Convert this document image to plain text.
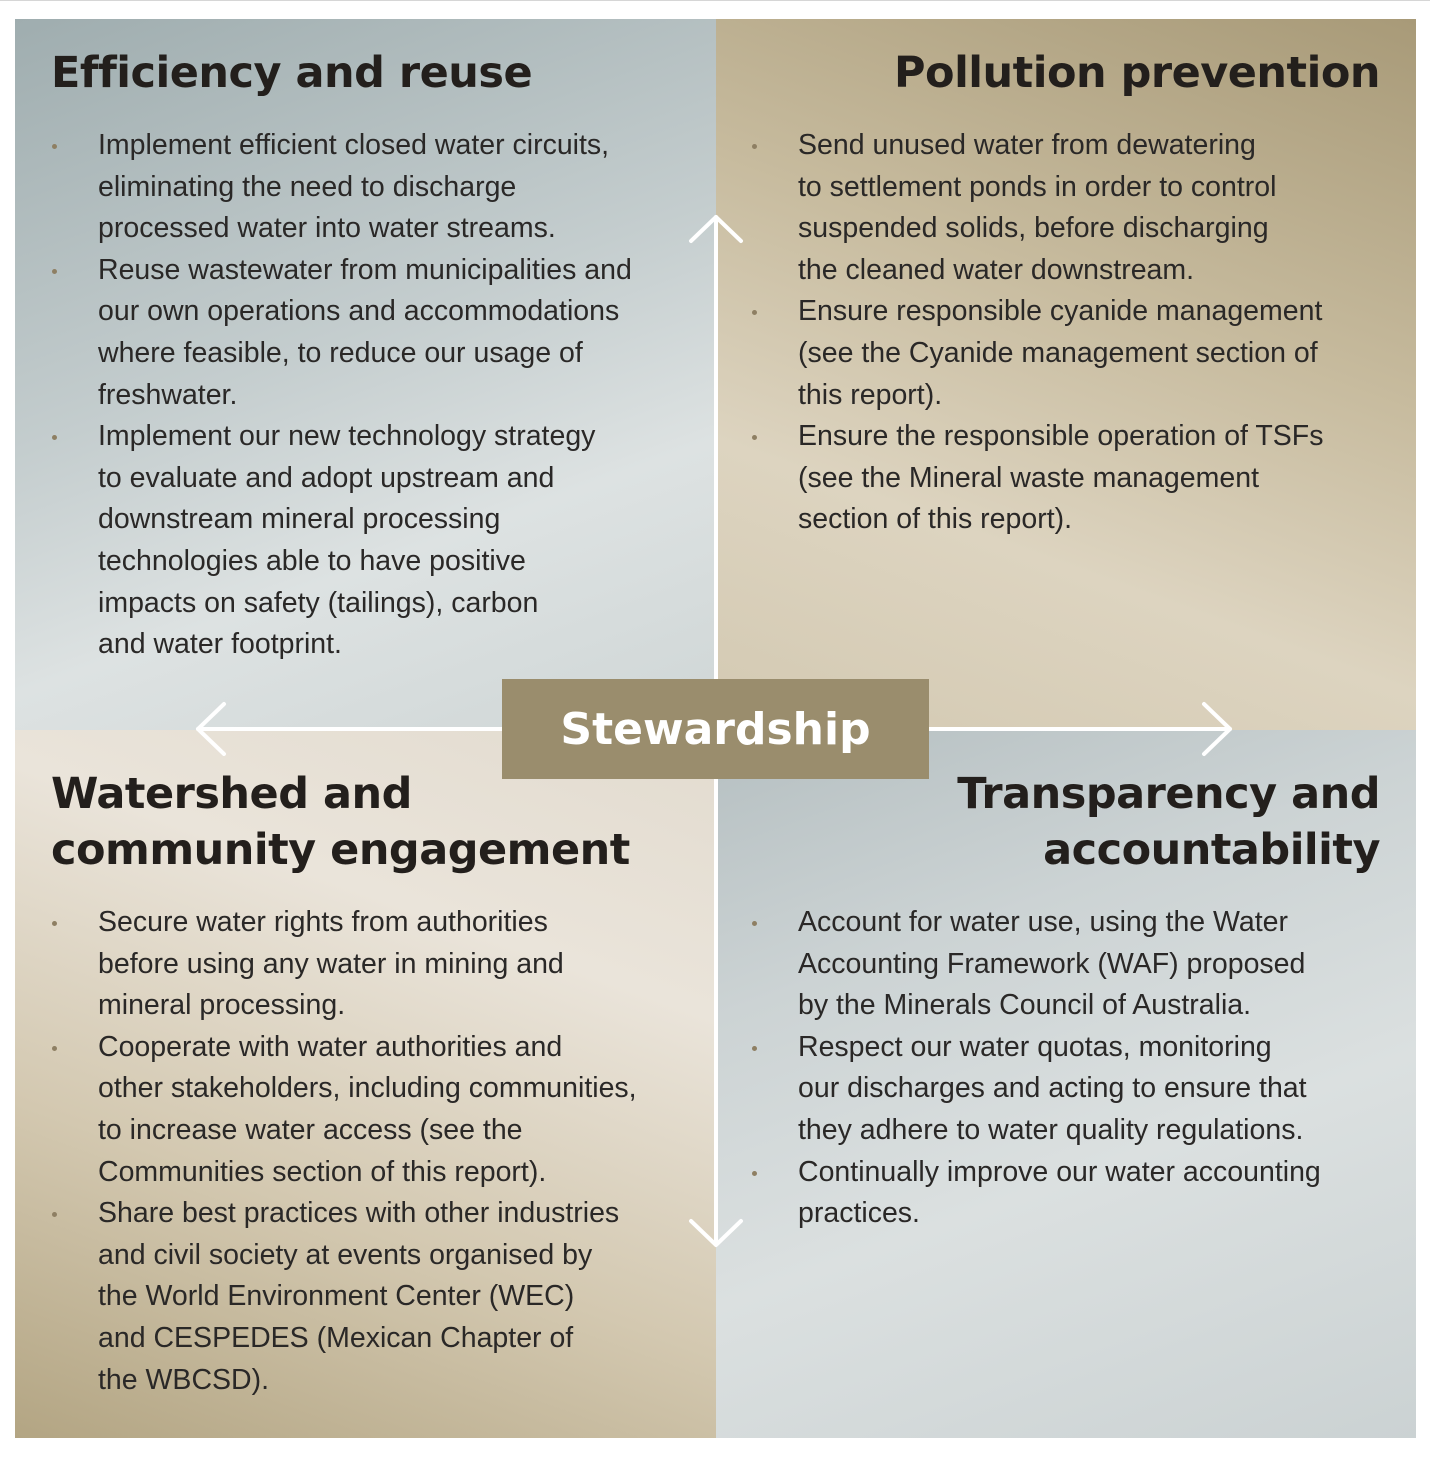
Efficiency and reuse
Implement efficient closed water circuits,
eliminating the need to discharge
processed water into water streams.
Reuse wastewater from municipalities and
our own operations and accommodations
where feasible, to reduce our usage of
freshwater.
Implement our new technology strategy
to evaluate and adopt upstream and
downstream mineral processing
technologies able to have positive
impacts on safety (tailings), carbon
and water footprint.
Pollution prevention
Send unused water from dewatering
to settlement ponds in order to control
suspended solids, before discharging
the cleaned water downstream.
Ensure responsible cyanide management
(see the Cyanide management section of
this report).
Ensure the responsible operation of TSFs
(see the Mineral waste management
section of this report).
Watershed and
community engagement
Secure water rights from authorities
before using any water in mining and
mineral processing.
Cooperate with water authorities and
other stakeholders, including communities,
to increase water access (see the
Communities section of this report).
Share best practices with other industries
and civil society at events organised by
the World Environment Center (WEC)
and CESPEDES (Mexican Chapter of
the WBCSD).
Transparency and
accountability
Account for water use, using the Water
Accounting Framework (WAF) proposed
by the Minerals Council of Australia.
Respect our water quotas, monitoring
our discharges and acting to ensure that
they adhere to water quality regulations.
Continually improve our water accounting
practices.
Stewardship
